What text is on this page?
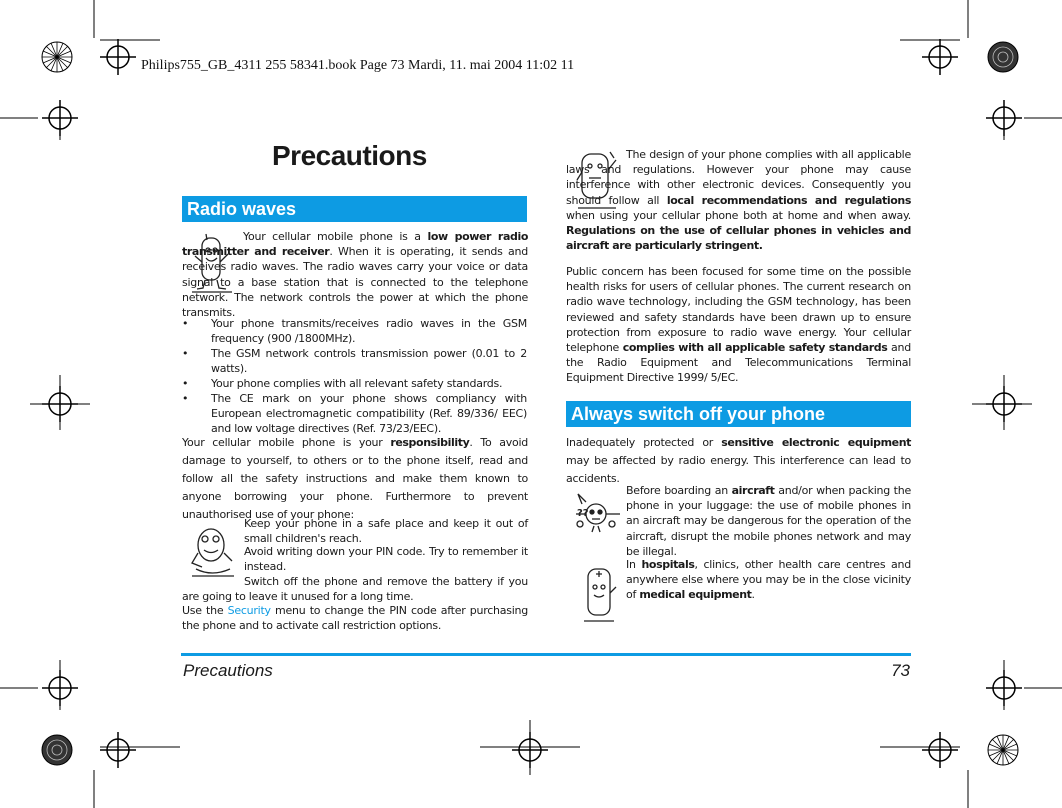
Philips755_GB_4311 255 58341.book Page 73 Mardi, 11. mai 2004 11:02 11
Precautions
Radio waves
Your cellular mobile phone is a low power radio transmitter and receiver. When it is operating, it sends and receives radio waves. The radio waves carry your voice or data signal to a base station that is connected to the telephone network. The network controls the power at which the phone transmits.
• Your phone transmits/receives radio waves in the GSM frequency (900 /1800MHz).
• The GSM network controls transmission power (0.01 to 2 watts).
• Your phone complies with all relevant safety standards.
• The CE mark on your phone shows compliancy with European electromagnetic compatibility (Ref. 89/336/ EEC) and low voltage directives (Ref. 73/23/EEC).
Your cellular mobile phone is your responsibility. To avoid damage to yourself, to others or to the phone itself, read and follow all the safety instructions and make them known to anyone borrowing your phone. Furthermore to prevent unauthorised use of your phone:
Keep your phone in a safe place and keep it out of small children's reach.
Avoid writing down your PIN code. Try to remember it instead.
Switch off the phone and remove the battery if you are going to leave it unused for a long time.
Use the Security menu to change the PIN code after purchasing the phone and to activate call restriction options.
The design of your phone complies with all applicable laws and regulations. However your phone may cause interference with other electronic devices. Consequently you should follow all local recommendations and regulations when using your cellular phone both at home and when away. Regulations on the use of cellular phones in vehicles and aircraft are particularly stringent.
Public concern has been focused for some time on the possible health risks for users of cellular phones. The current research on radio wave technology, including the GSM technology, has been reviewed and safety standards have been drawn up to ensure protection from exposure to radio wave energy. Your cellular telephone complies with all applicable safety standards and the Radio Equipment and Telecommunications Terminal Equipment Directive 1999/ 5/EC.
Always switch off your phone
Inadequately protected or sensitive electronic equipment may be affected by radio energy. This interference can lead to accidents.
??
Before boarding an aircraft and/or when packing the phone in your luggage: the use of mobile phones in an aircraft may be dangerous for the operation of the aircraft, disrupt the mobile phones network and may be illegal.
In hospitals, clinics, other health care centres and anywhere else where you may be in the close vicinity of medical equipment.
Precautions	73
